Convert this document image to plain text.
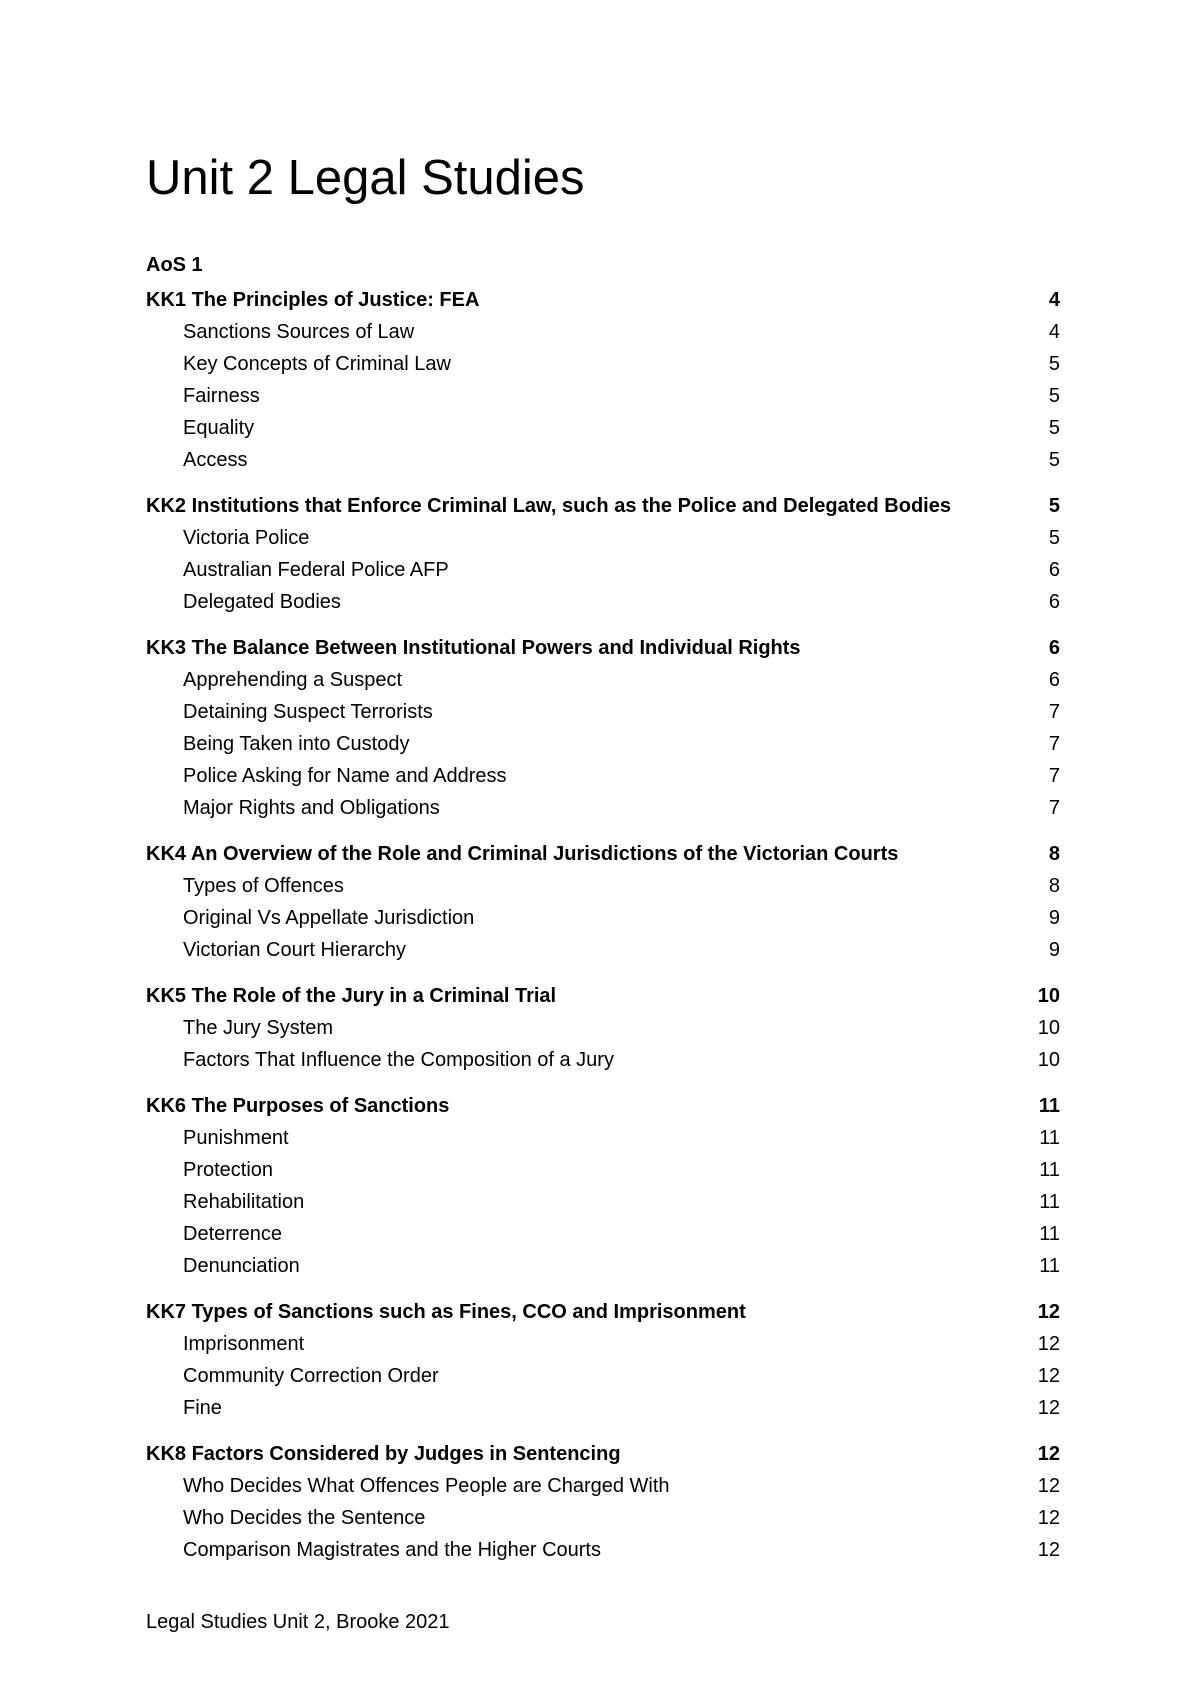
Unit 2 Legal Studies
AoS 1
KK1 The Principles of Justice: FEA	4
Sanctions Sources of Law	4
Key Concepts of Criminal Law	5
Fairness	5
Equality	5
Access	5
KK2 Institutions that Enforce Criminal Law, such as the Police and Delegated Bodies	5
Victoria Police	5
Australian Federal Police AFP	6
Delegated Bodies	6
KK3 The Balance Between Institutional Powers and Individual Rights	6
Apprehending a Suspect	6
Detaining Suspect Terrorists	7
Being Taken into Custody	7
Police Asking for Name and Address	7
Major Rights and Obligations	7
KK4 An Overview of the Role and Criminal Jurisdictions of the Victorian Courts	8
Types of Offences	8
Original Vs Appellate Jurisdiction	9
Victorian Court Hierarchy	9
KK5 The Role of the Jury in a Criminal Trial	10
The Jury System	10
Factors That Influence the Composition of a Jury	10
KK6 The Purposes of Sanctions	11
Punishment	11
Protection	11
Rehabilitation	11
Deterrence	11
Denunciation	11
KK7 Types of Sanctions such as Fines, CCO and Imprisonment	12
Imprisonment	12
Community Correction Order	12
Fine	12
KK8 Factors Considered by Judges in Sentencing	12
Who Decides What Offences People are Charged With	12
Who Decides the Sentence	12
Comparison Magistrates and the Higher Courts	12
Legal Studies Unit 2, Brooke 2021
